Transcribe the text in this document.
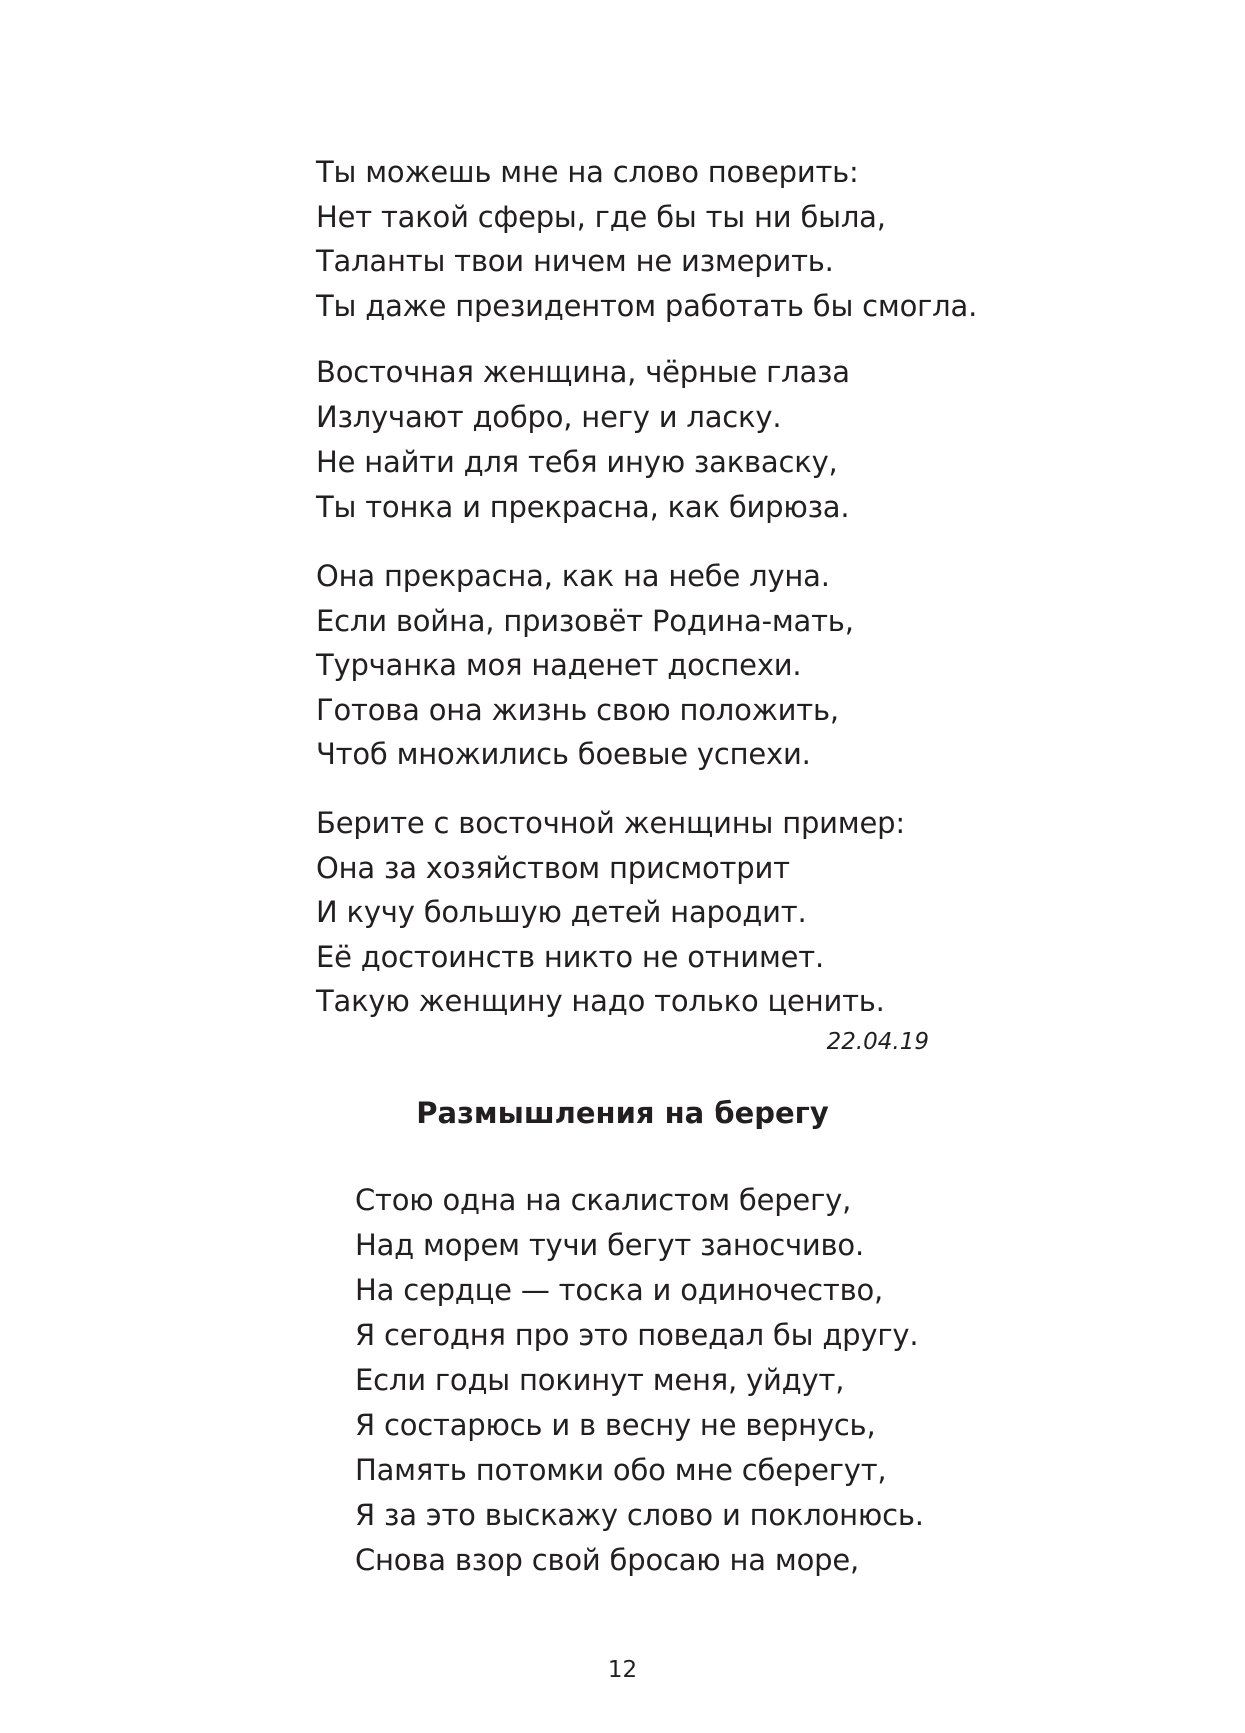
Ты можешь мне на слово поверить:
Нет такой сферы, где бы ты ни была,
Таланты твои ничем не измерить.
Ты даже президентом работать бы смогла.
Восточная женщина, чёрные глаза
Излучают добро, негу и ласку.
Не найти для тебя иную закваску,
Ты тонка и прекрасна, как бирюза.
Она прекрасна, как на небе луна.
Если война, призовёт Родина-мать,
Турчанка моя наденет доспехи.
Готова она жизнь свою положить,
Чтоб множились боевые успехи.
Берите с восточной женщины пример:
Она за хозяйством присмотрит
И кучу большую детей народит.
Её достоинств никто не отнимет.
Такую женщину надо только ценить.
22.04.19
Размышления на берегу
Стою одна на скалистом берегу,
Над морем тучи бегут заносчиво.
На сердце — тоска и одиночество,
Я сегодня про это поведал бы другу.
Если годы покинут меня, уйдут,
Я состарюсь и в весну не вернусь,
Память потомки обо мне сберегут,
Я за это выскажу слово и поклонюсь.
Снова взор свой бросаю на море,
12
